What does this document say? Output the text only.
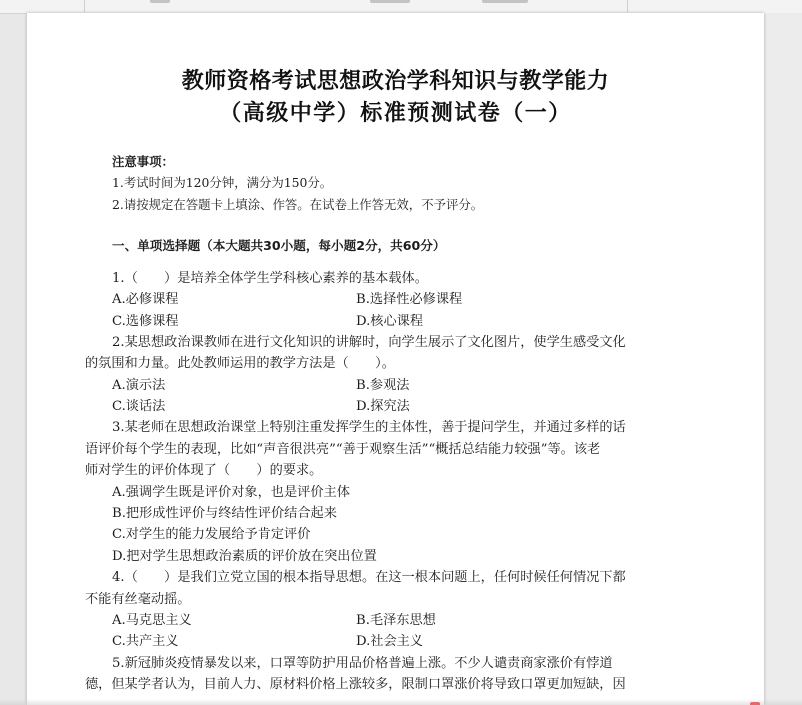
教师资格考试思想政治学科知识与教学能力
（高级中学）标准预测试卷（一）
注意事项：
1.考试时间为120分钟，满分为150分。
2.请按规定在答题卡上填涂、作答。在试卷上作答无效，不予评分。
一、单项选择题（本大题共30小题，每小题2分，共60分）
1.（　　）是培养全体学生学科核心素养的基本载体。
A.必修课程	B.选择性必修课程
C.选修课程	D.核心课程
2.某思想政治课教师在进行文化知识的讲解时，向学生展示了文化图片，使学生感受文化
的氛围和力量。此处教师运用的教学方法是（　　）。
A.演示法	B.参观法
C.谈话法	D.探究法
3.某老师在思想政治课堂上特别注重发挥学生的主体性，善于提问学生，并通过多样的话
语评价每个学生的表现，比如“声音很洪亮”“善于观察生活”“概括总结能力较强”等。该老
师对学生的评价体现了（　　）的要求。
A.强调学生既是评价对象，也是评价主体
B.把形成性评价与终结性评价结合起来
C.对学生的能力发展给予肯定评价
D.把对学生思想政治素质的评价放在突出位置
4.（　　）是我们立党立国的根本指导思想。在这一根本问题上，任何时候任何情况下都
不能有丝毫动摇。
A.马克思主义	B.毛泽东思想
C.共产主义	D.社会主义
5.新冠肺炎疫情暴发以来，口罩等防护用品价格普遍上涨。不少人谴责商家涨价有悖道
德，但某学者认为，目前人力、原材料价格上涨较多，限制口罩涨价将导致口罩更加短缺，因
